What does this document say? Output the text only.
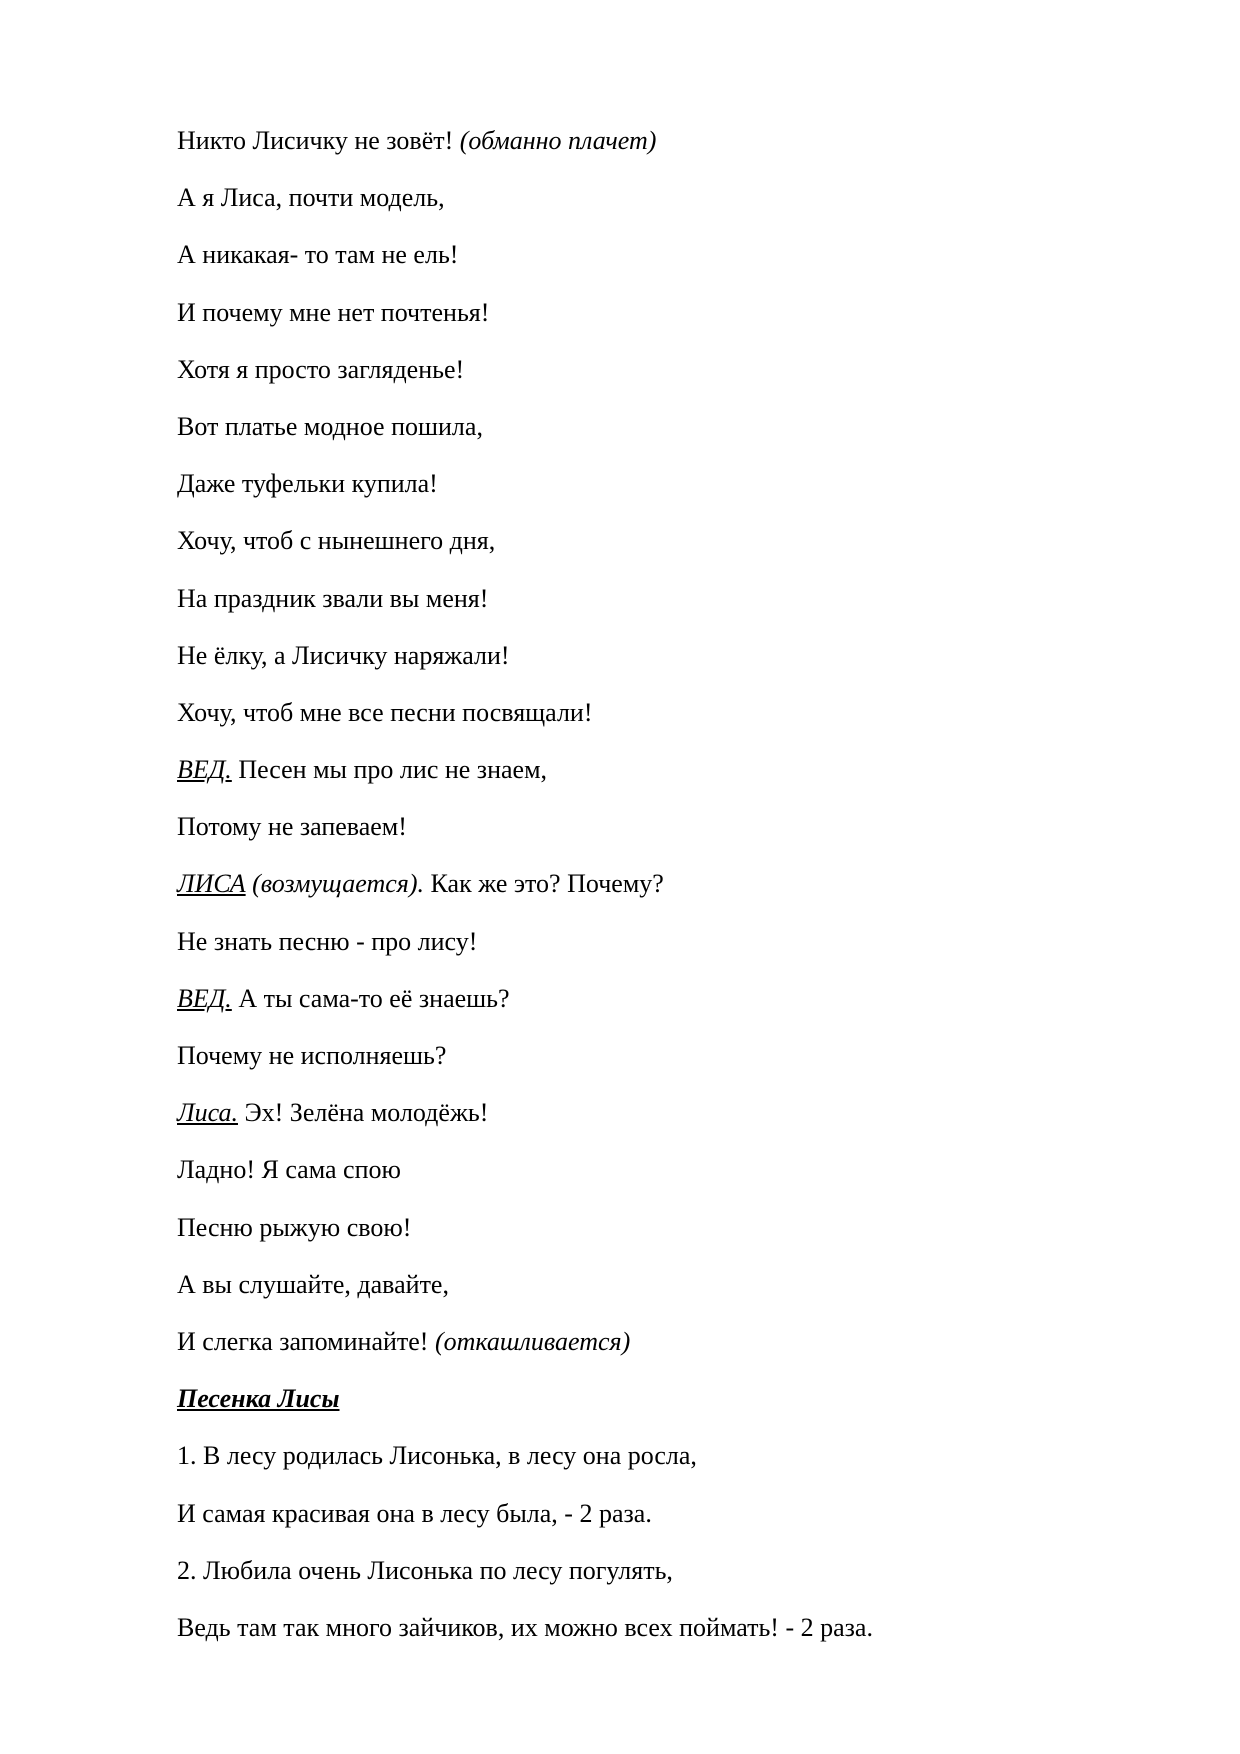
Никто Лисичку не зовёт! (обманно плачет)
А я Лиса, почти модель,
А никакая- то там не ель!
И почему мне нет почтенья!
Хотя я просто загляденье!
Вот платье модное пошила,
Даже туфельки купила!
Хочу, чтоб с нынешнего дня,
На праздник звали вы меня!
Не ёлку, а Лисичку наряжали!
Хочу, чтоб мне все песни посвящали!
ВЕД. Песен мы про лис не знаем,
Потому не запеваем!
ЛИСА (возмущается). Как же это? Почему?
Не знать песню - про лису!
ВЕД. А ты сама-то её знаешь?
Почему не исполняешь?
Лиса. Эх! Зелёна молодёжь!
Ладно! Я сама спою
Песню рыжую свою!
А вы слушайте, давайте,
И слегка запоминайте! (откашливается)
Песенка Лисы
1. В лесу родилась Лисонька, в лесу она росла,
И самая красивая она в лесу была, - 2 раза.
2. Любила очень Лисонька по лесу погулять,
Ведь там так много зайчиков, их можно всех поймать! - 2 раза.
